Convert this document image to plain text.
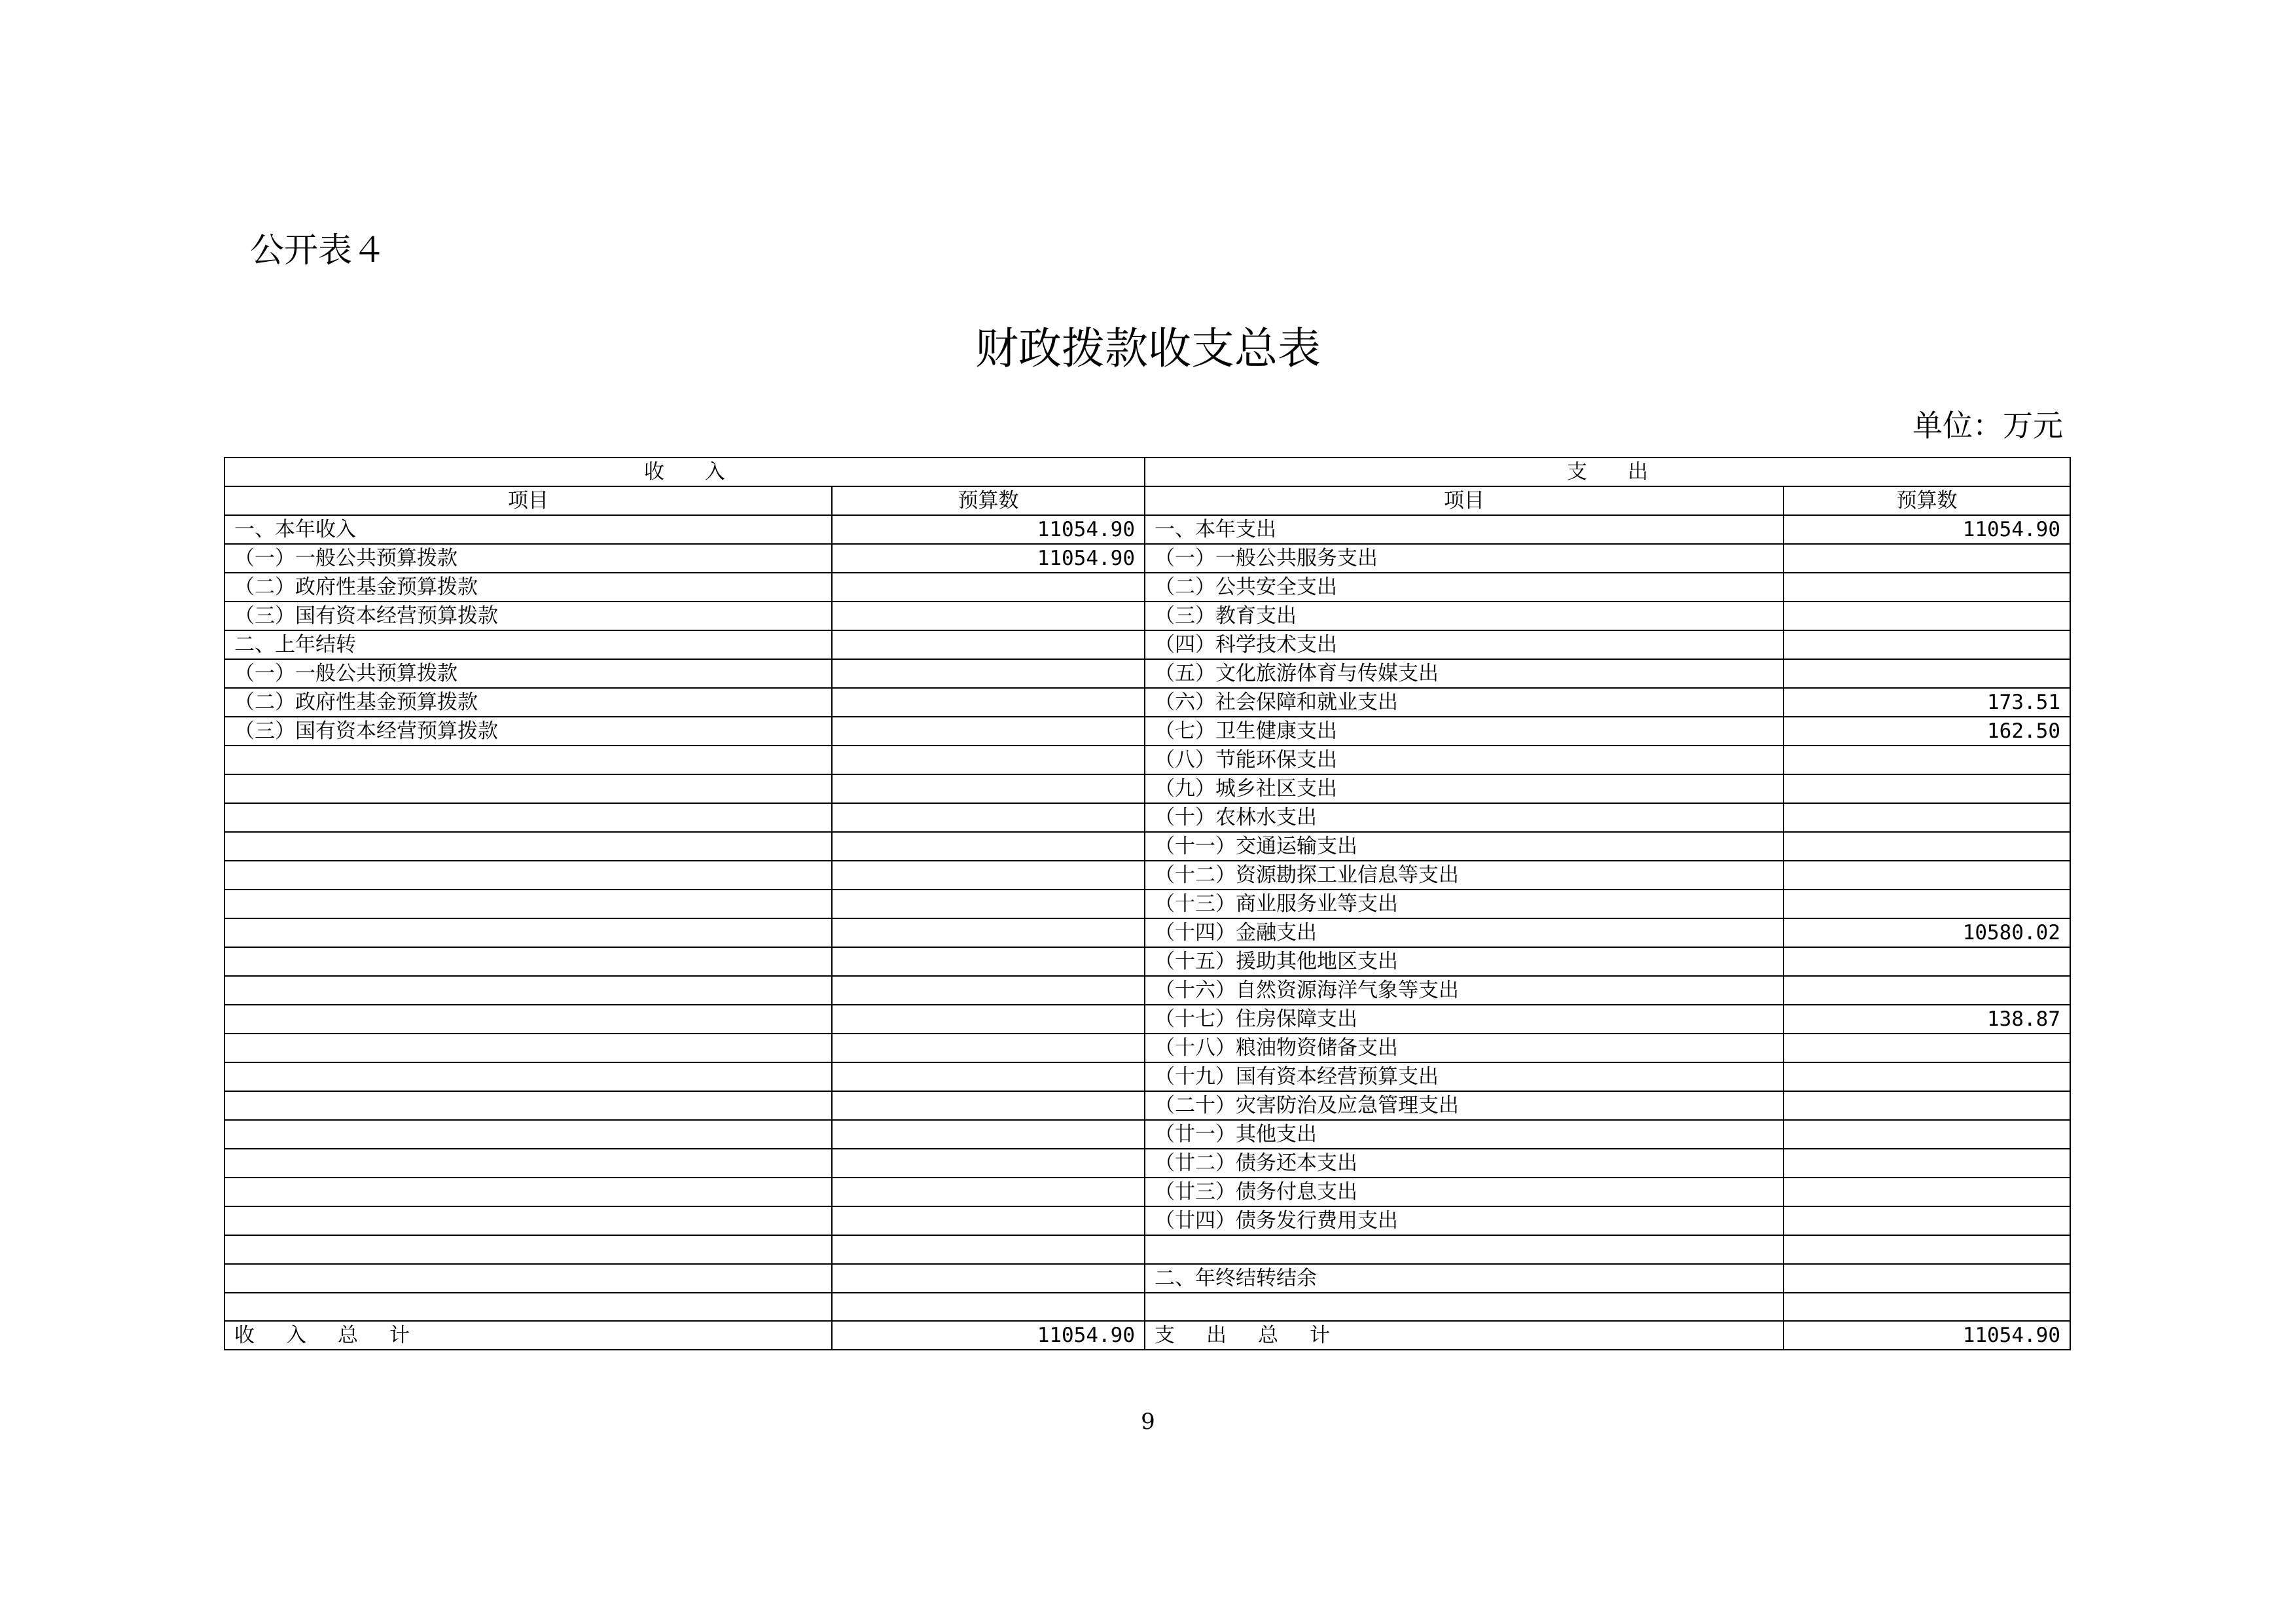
公开表４
财政拨款收支总表
单位：万元
收　　入		支　　出	
项目	预算数	项目	预算数
一、本年收入	11054.90	一、本年支出	11054.90
（一）一般公共预算拨款	11054.90	（一）一般公共服务支出	
（二）政府性基金预算拨款		（二）公共安全支出	
（三）国有资本经营预算拨款		（三）教育支出	
二、上年结转		（四）科学技术支出	
（一）一般公共预算拨款		（五）文化旅游体育与传媒支出	
（二）政府性基金预算拨款		（六）社会保障和就业支出	173.51
（三）国有资本经营预算拨款		（七）卫生健康支出	162.50
		（八）节能环保支出	
		（九）城乡社区支出	
		（十）农林水支出	
		（十一）交通运输支出	
		（十二）资源勘探工业信息等支出	
		（十三）商业服务业等支出	
		（十四）金融支出	10580.02
		（十五）援助其他地区支出	
		（十六）自然资源海洋气象等支出	
		（十七）住房保障支出	138.87
		（十八）粮油物资储备支出	
		（十九）国有资本经营预算支出	
		（二十）灾害防治及应急管理支出	
		（廿一）其他支出	
		（廿二）债务还本支出	
		（廿三）债务付息支出	
		（廿四）债务发行费用支出	

		二、年终结转结余	

收入总计	11054.90	支出总计	11054.90
9
